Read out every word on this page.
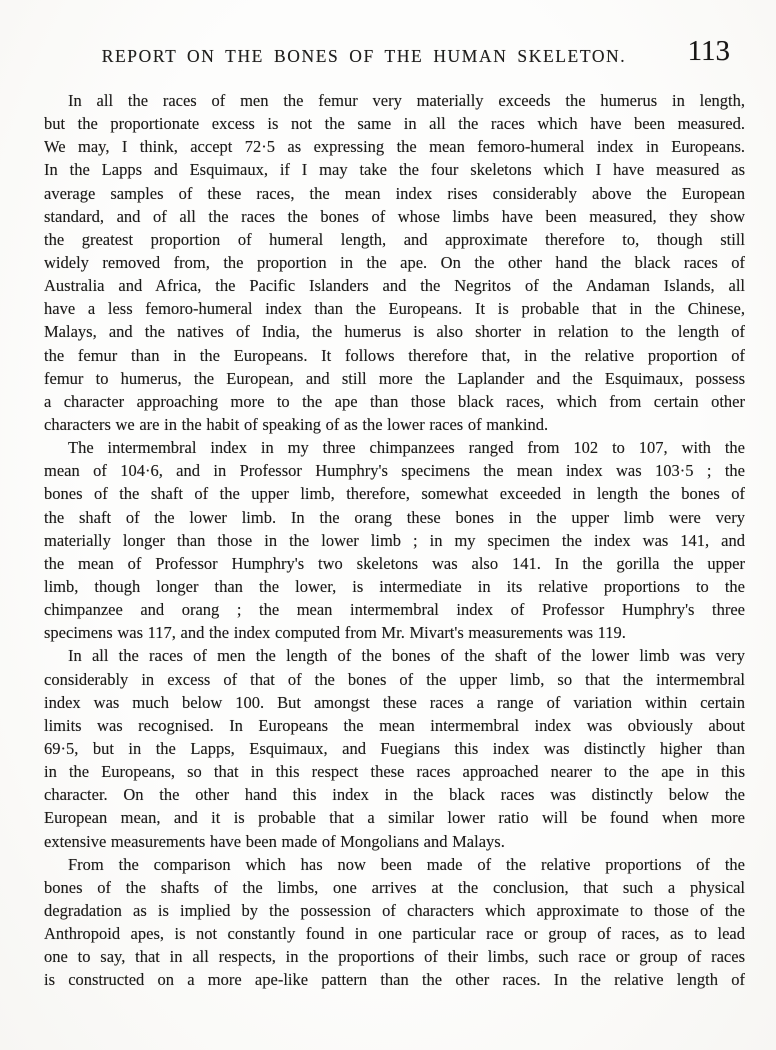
REPORT ON THE BONES OF THE HUMAN SKELETON.	113
In all the races of men the femur very materially exceeds the humerus in length,
but the proportionate excess is not the same in all the races which have been measured.
We may, I think, accept 72·5 as expressing the mean femoro-humeral index in Europeans.
In the Lapps and Esquimaux, if I may take the four skeletons which I have measured as
average samples of these races, the mean index rises considerably above the European
standard, and of all the races the bones of whose limbs have been measured, they show
the greatest proportion of humeral length, and approximate therefore to, though still
widely removed from, the proportion in the ape. On the other hand the black races of
Australia and Africa, the Pacific Islanders and the Negritos of the Andaman Islands, all
have a less femoro-humeral index than the Europeans. It is probable that in the Chinese,
Malays, and the natives of India, the humerus is also shorter in relation to the length of
the femur than in the Europeans. It follows therefore that, in the relative proportion of
femur to humerus, the European, and still more the Laplander and the Esquimaux, possess
a character approaching more to the ape than those black races, which from certain other
characters we are in the habit of speaking of as the lower races of mankind.
The intermembral index in my three chimpanzees ranged from 102 to 107, with the
mean of 104·6, and in Professor Humphry's specimens the mean index was 103·5 ; the
bones of the shaft of the upper limb, therefore, somewhat exceeded in length the bones of
the shaft of the lower limb. In the orang these bones in the upper limb were very
materially longer than those in the lower limb ; in my specimen the index was 141, and
the mean of Professor Humphry's two skeletons was also 141. In the gorilla the upper
limb, though longer than the lower, is intermediate in its relative proportions to the
chimpanzee and orang ; the mean intermembral index of Professor Humphry's three
specimens was 117, and the index computed from Mr. Mivart's measurements was 119.
In all the races of men the length of the bones of the shaft of the lower limb was very
considerably in excess of that of the bones of the upper limb, so that the intermembral
index was much below 100. But amongst these races a range of variation within certain
limits was recognised. In Europeans the mean intermembral index was obviously about
69·5, but in the Lapps, Esquimaux, and Fuegians this index was distinctly higher than
in the Europeans, so that in this respect these races approached nearer to the ape in this
character. On the other hand this index in the black races was distinctly below the
European mean, and it is probable that a similar lower ratio will be found when more
extensive measurements have been made of Mongolians and Malays.
From the comparison which has now been made of the relative proportions of the
bones of the shafts of the limbs, one arrives at the conclusion, that such a physical
degradation as is implied by the possession of characters which approximate to those of the
Anthropoid apes, is not constantly found in one particular race or group of races, as to lead
one to say, that in all respects, in the proportions of their limbs, such race or group of races
is constructed on a more ape-like pattern than the other races. In the relative length of
